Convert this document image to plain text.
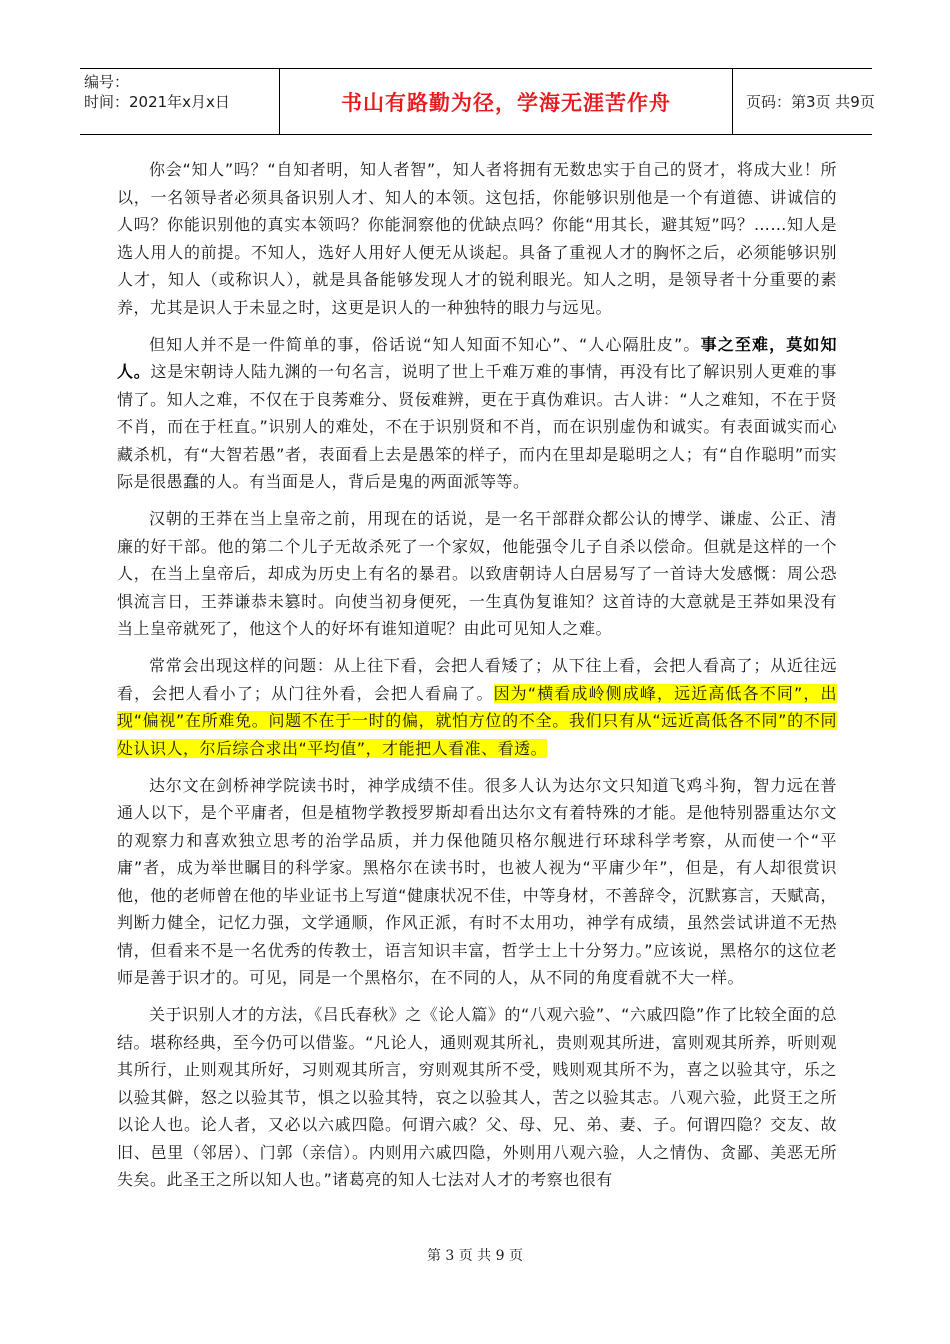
编号：
时间：2021年x月x日	书山有路勤为径，学海无涯苦作舟	页码：第3页 共9页

你会“知人”吗？“自知者明，知人者智”，知人者将拥有无数忠实于自己的贤才，将成大业！所以，一名领导者必须具备识别人才、知人的本领。这包括，你能够识别他是一个有道德、讲诚信的人吗？你能识别他的真实本领吗？你能洞察他的优缺点吗？你能“用其长，避其短”吗？……知人是选人用人的前提。不知人，选好人用好人便无从谈起。具备了重视人才的胸怀之后，必须能够识别人才，知人（或称识人），就是具备能够发现人才的锐利眼光。知人之明，是领导者十分重要的素养，尤其是识人于未显之时，这更是识人的一种独特的眼力与远见。

但知人并不是一件简单的事，俗话说“知人知面不知心”、“人心隔肚皮”。事之至难，莫如知人。这是宋朝诗人陆九渊的一句名言，说明了世上千难万难的事情，再没有比了解识别人更难的事情了。知人之难，不仅在于良莠难分、贤佞难辨，更在于真伪难识。古人讲：“人之难知，不在于贤不肖，而在于枉直。”识别人的难处，不在于识别贤和不肖，而在识别虚伪和诚实。有表面诚实而心藏杀机，有“大智若愚”者，表面看上去是愚笨的样子，而内在里却是聪明之人；有“自作聪明”而实际是很愚蠢的人。有当面是人，背后是鬼的两面派等等。

汉朝的王莽在当上皇帝之前，用现在的话说，是一名干部群众都公认的博学、谦虚、公正、清廉的好干部。他的第二个儿子无故杀死了一个家奴，他能强令儿子自杀以偿命。但就是这样的一个人，在当上皇帝后，却成为历史上有名的暴君。以致唐朝诗人白居易写了一首诗大发感慨：周公恐惧流言日，王莽谦恭未篡时。向使当初身便死，一生真伪复谁知？这首诗的大意就是王莽如果没有当上皇帝就死了，他这个人的好坏有谁知道呢？由此可见知人之难。

常常会出现这样的问题：从上往下看，会把人看矮了；从下往上看，会把人看高了；从近往远看，会把人看小了；从门往外看，会把人看扁了。因为“横看成岭侧成峰，远近高低各不同”，出现“偏视”在所难免。问题不在于一时的偏，就怕方位的不全。我们只有从“远近高低各不同”的不同处认识人，尔后综合求出“平均值”，才能把人看准、看透。

达尔文在剑桥神学院读书时，神学成绩不佳。很多人认为达尔文只知道飞鸡斗狗，智力远在普通人以下，是个平庸者，但是植物学教授罗斯却看出达尔文有着特殊的才能。是他特别器重达尔文的观察力和喜欢独立思考的治学品质，并力保他随贝格尔舰进行环球科学考察，从而使一个“平庸”者，成为举世瞩目的科学家。黑格尔在读书时，也被人视为“平庸少年”，但是，有人却很赏识他，他的老师曾在他的毕业证书上写道“健康状况不佳，中等身材，不善辞令，沉默寡言，天赋高，判断力健全，记忆力强，文学通顺，作风正派，有时不太用功，神学有成绩，虽然尝试讲道不无热情，但看来不是一名优秀的传教士，语言知识丰富，哲学士上十分努力。”应该说，黑格尔的这位老师是善于识才的。可见，同是一个黑格尔，在不同的人，从不同的角度看就不大一样。

关于识别人才的方法，《吕氏春秋》之《论人篇》的“八观六验”、“六戚四隐”作了比较全面的总结。堪称经典，至今仍可以借鉴。“凡论人，通则观其所礼，贵则观其所进，富则观其所养，听则观其所行，止则观其所好，习则观其所言，穷则观其所不受，贱则观其所不为，喜之以验其守，乐之以验其僻，怒之以验其节，惧之以验其特，哀之以验其人，苦之以验其志。八观六验，此贤王之所以论人也。论人者，又必以六戚四隐。何谓六戚？父、母、兄、弟、妻、子。何谓四隐？交友、故旧、邑里（邻居）、门郭（亲信）。内则用六戚四隐，外则用八观六验，人之情伪、贪鄙、美恶无所失矣。此圣王之所以知人也。”诸葛亮的知人七法对人才的考察也很有

第 3 页 共 9 页
